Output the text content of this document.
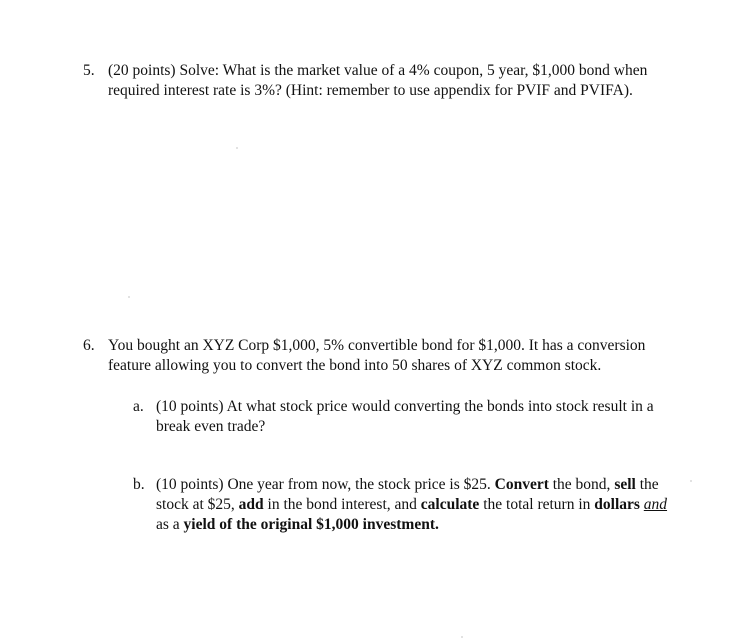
5. (20 points) Solve: What is the market value of a 4% coupon, 5 year, $1,000 bond when
required interest rate is 3%? (Hint: remember to use appendix for PVIF and PVIFA).
6. You bought an XYZ Corp $1,000, 5% convertible bond for $1,000. It has a conversion
feature allowing you to convert the bond into 50 shares of XYZ common stock.
a. (10 points) At what stock price would converting the bonds into stock result in a
break even trade?
b. (10 points) One year from now, the stock price is $25. Convert the bond, sell the
stock at $25, add in the bond interest, and calculate the total return in dollars and
as a yield of the original $1,000 investment.
